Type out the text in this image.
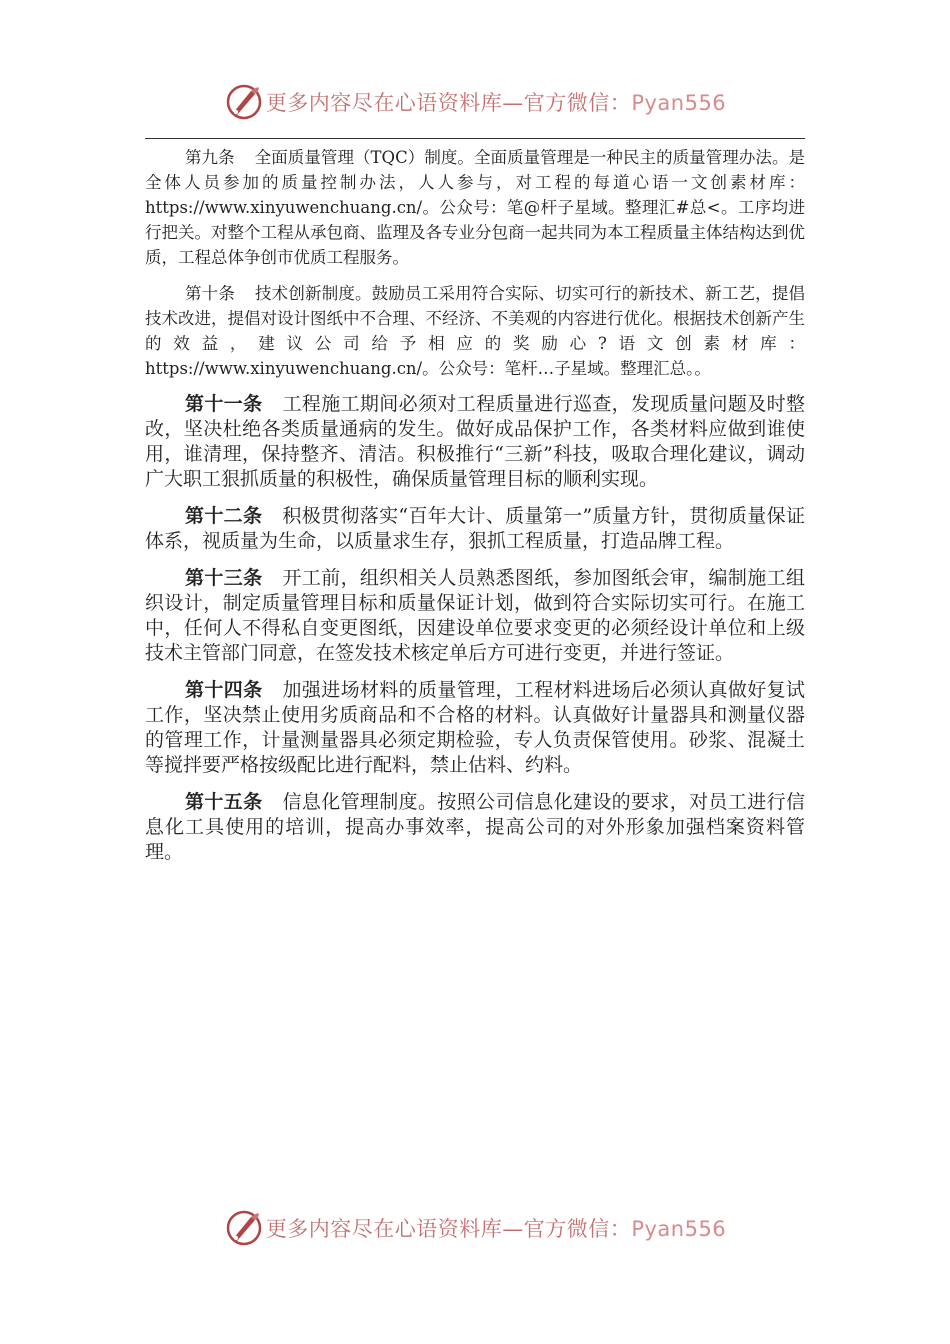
更多内容尽在心语资料库—官方微信：Pyan556

第九条 全面质量管理（TQC）制度。全面质量管理是一种民主的质量管理办法。是全体人员参加的质量控制办法，人人参与，对工程的每道心语一文创素材库：https://www.xinyuwenchuang.cn/。公众号：笔@杆子星域。整理汇#总<。工序均进行把关。对整个工程从承包商、监理及各专业分包商一起共同为本工程质量主体结构达到优质，工程总体争创市优质工程服务。

第十条 技术创新制度。鼓励员工采用符合实际、切实可行的新技术、新工艺，提倡技术改进，提倡对设计图纸中不合理、不经济、不美观的内容进行优化。根据技术创新产生的效益，建议公司给予相应的奖励心?语文创素材库：https://www.xinyuwenchuang.cn/。公众号：笔杆…子星域。整理汇总。。

第十一条 工程施工期间必须对工程质量进行巡查，发现质量问题及时整改，坚决杜绝各类质量通病的发生。做好成品保护工作，各类材料应做到谁使用，谁清理，保持整齐、清洁。积极推行“三新”科技，吸取合理化建议，调动广大职工狠抓质量的积极性，确保质量管理目标的顺利实现。

第十二条 积极贯彻落实“百年大计、质量第一”质量方针，贯彻质量保证体系，视质量为生命，以质量求生存，狠抓工程质量，打造品牌工程。

第十三条 开工前，组织相关人员熟悉图纸，参加图纸会审，编制施工组织设计，制定质量管理目标和质量保证计划，做到符合实际切实可行。在施工中，任何人不得私自变更图纸，因建设单位要求变更的必须经设计单位和上级技术主管部门同意，在签发技术核定单后方可进行变更，并进行签证。

第十四条 加强进场材料的质量管理，工程材料进场后必须认真做好复试工作，坚决禁止使用劣质商品和不合格的材料。认真做好计量器具和测量仪器的管理工作，计量测量器具必须定期检验，专人负责保管使用。砂浆、混凝土等搅拌要严格按级配比进行配料，禁止估料、约料。

第十五条 信息化管理制度。按照公司信息化建设的要求，对员工进行信息化工具使用的培训，提高办事效率，提高公司的对外形象加强档案资料管理。

更多内容尽在心语资料库—官方微信：Pyan556
